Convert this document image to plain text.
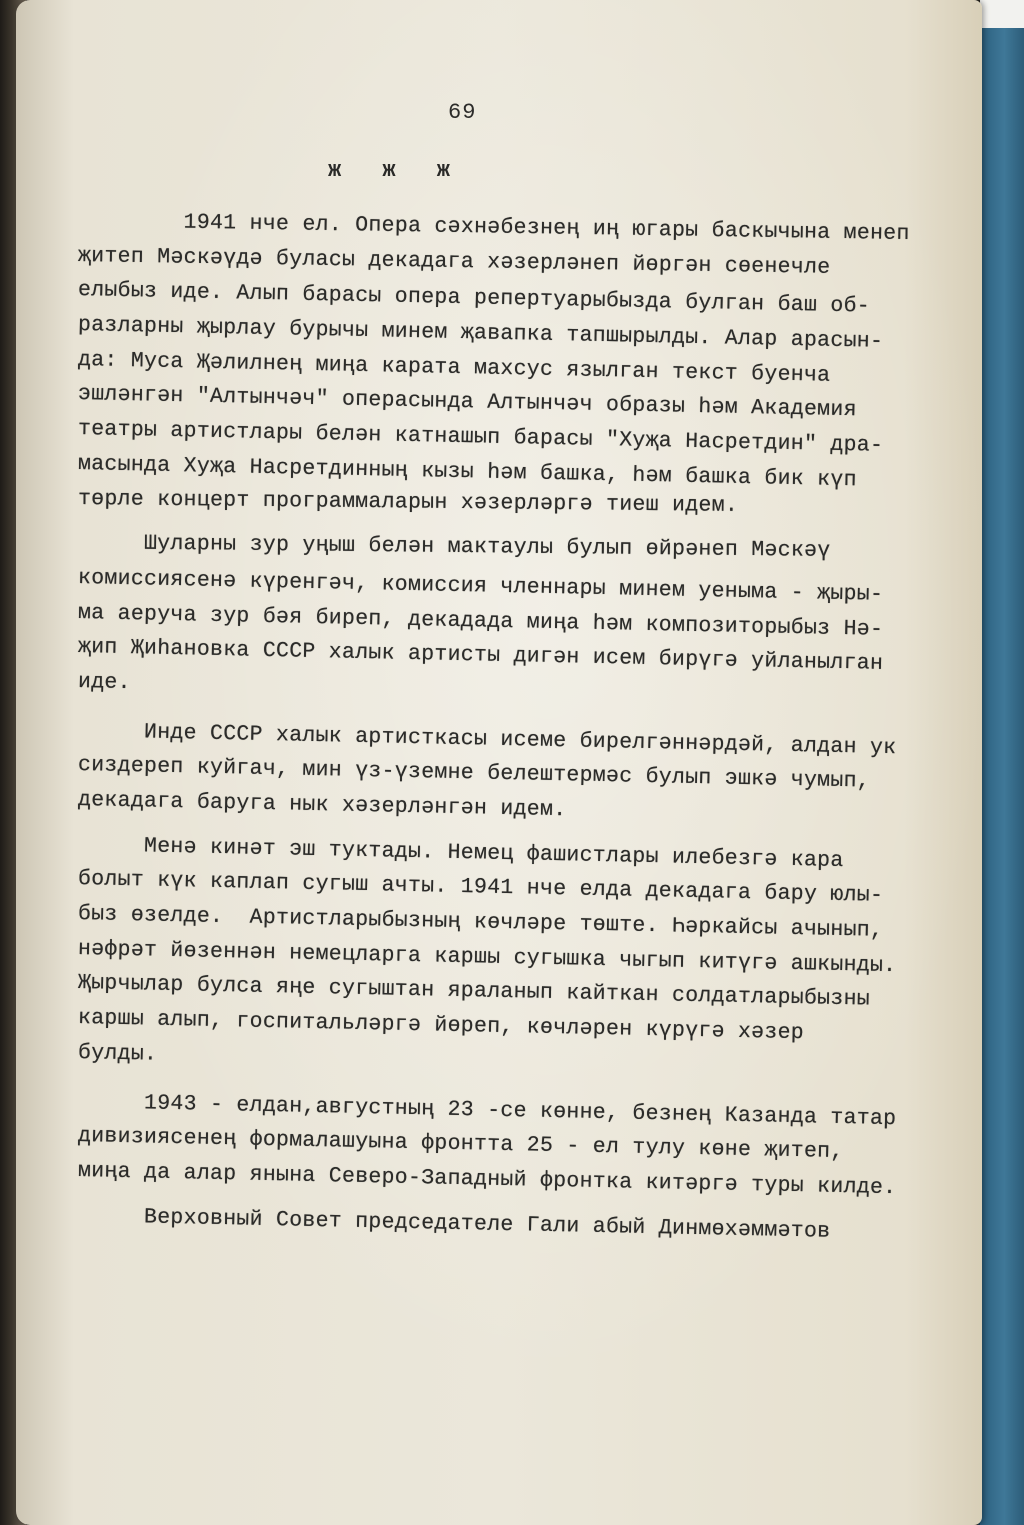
69

ж ж ж

1941 нче ел. Опера сәхнәбезнең иң югары баскычына менеп
җитеп Мәскәүдә буласы декадага хәзерләнеп йөргән сөенечле
елыбыз иде. Алып барасы опера репертуарыбызда булган баш об-
разларны җырлау бурычы минем җавапка тапшырылды. Алар арасын-
да: Муса Җәлилнең миңа карата махсус язылган текст буенча
эшләнгән "Алтынчәч" операсында Алтынчәч образы һәм Академия
театры артистлары белән катнашып барасы "Хуҗа Насретдин" дра-
масында Хуҗа Насретдинның кызы һәм башка, һәм башка бик күп
төрле концерт программаларын хәзерләргә тиеш идем.
Шуларны зур уңыш белән мактаулы булып өйрәнеп Мәскәү
комиссиясенә күренгәч, комиссия членнары минем уеныма - җыры-
ма аеруча зур бәя биреп, декадада миңа һәм композиторыбыз Нә-
җип Җиһановка СССР халык артисты дигән исем бирүгә уйланылган
иде.
Инде СССР халык артисткасы исеме бирелгәннәрдәй, алдан ук
сиздереп куйгач, мин үз-үземне белештермәс булып эшкә чумып,
декадага баруга нык хәзерләнгән идем.
Менә кинәт эш туктады. Немец фашистлары илебезгә кара
болыт күк каплап сугыш ачты. 1941 нче елда декадага бару юлы-
быз өзелде.  Артистларыбызның көчләре төште. Һәркайсы ачынып,
нәфрәт йөзеннән немецларга каршы сугышка чыгып китүгә ашкынды.
Җырчылар булса яңе сугыштан яраланып кайткан солдатларыбызны
каршы алып, госпитальләргә йөреп, көчләрен күрүгә хәзер
булды.
1943 - елдан,августның 23 -се көнне, безнең Казанда татар
дивизиясенең формалашуына фронтта 25 - ел тулу көне җитеп,
миңа да алар янына Северо-Западный фронтка китәргә туры килде.
Верховный Совет председателе Гали абый Динмөхәммәтов
